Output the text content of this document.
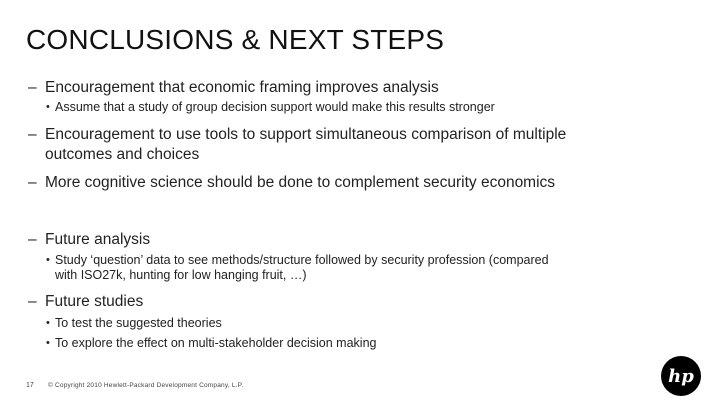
CONCLUSIONS & NEXT STEPS
– Encouragement that economic framing improves analysis
• Assume that a study of group decision support would make this results stronger
– Encouragement to use tools to support simultaneous comparison of multiple
outcomes and choices
– More cognitive science should be done to complement security economics
– Future analysis
• Study ‘question’ data to see methods/structure followed by security profession (compared
with ISO27k, hunting for low hanging fruit, …)
– Future studies
• To test the suggested theories
• To explore the effect on multi-stakeholder decision making
17 © Copyright 2010 Hewlett-Packard Development Company, L.P.	hp
